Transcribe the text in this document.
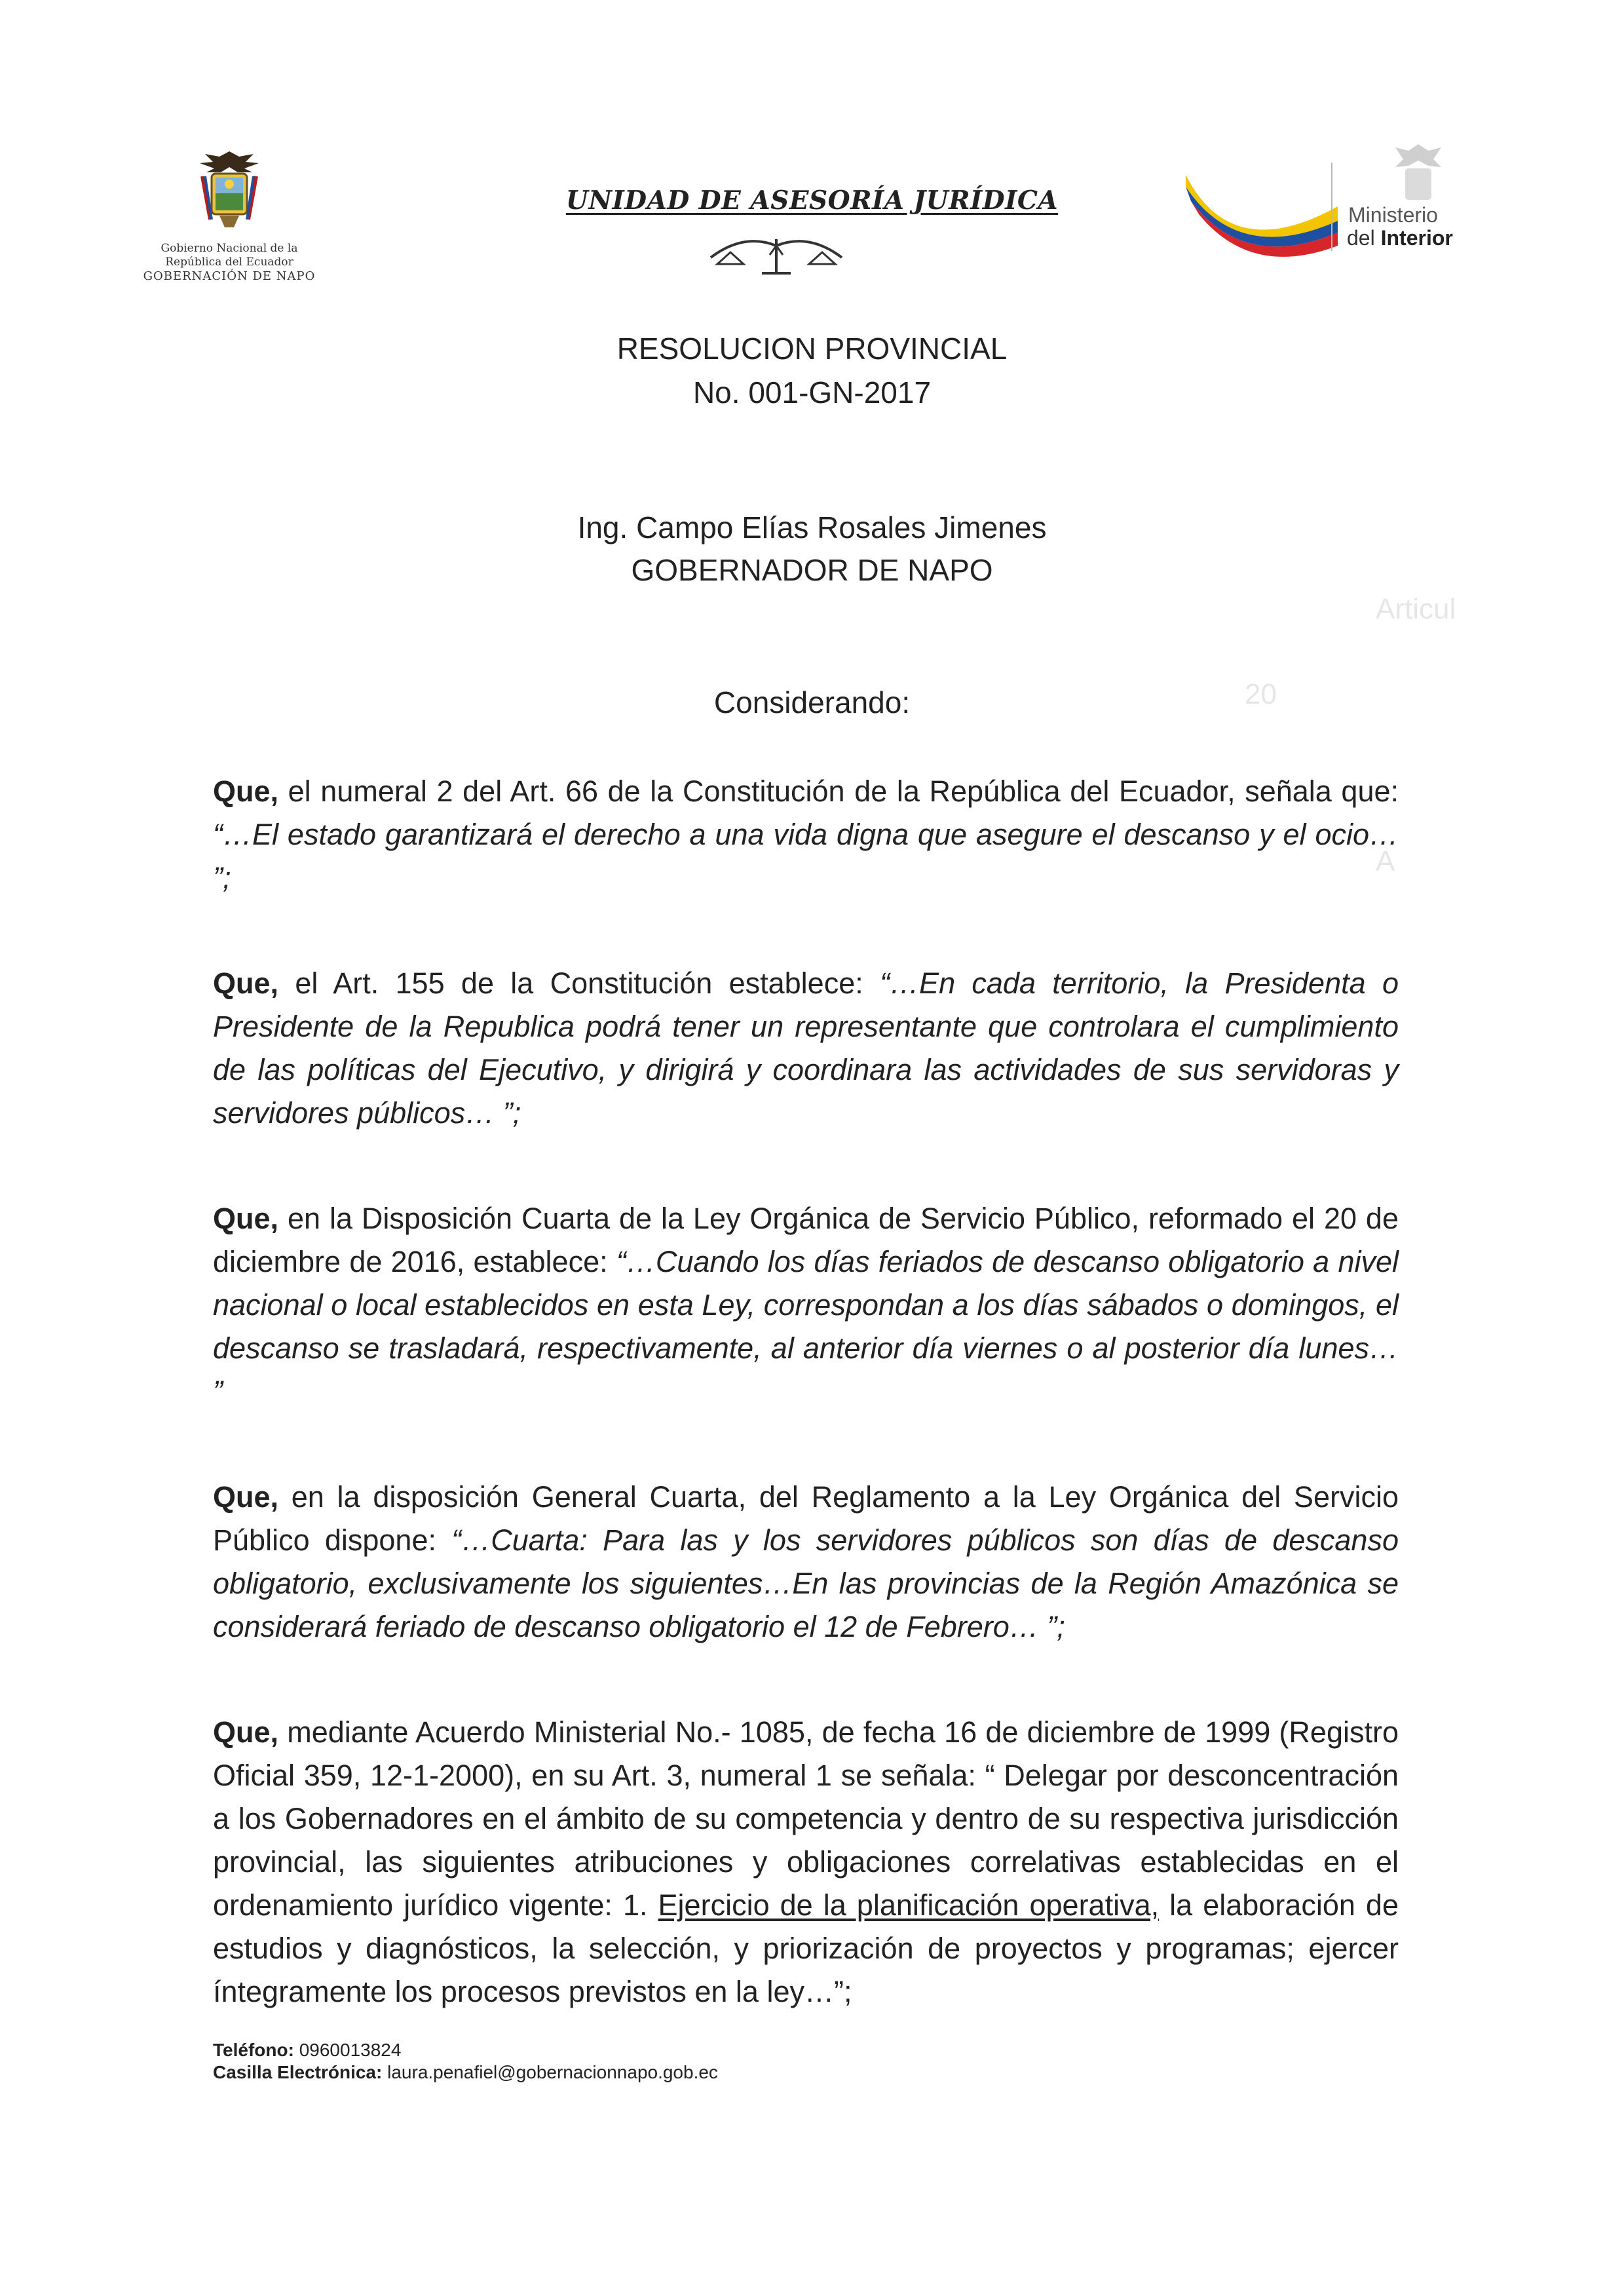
Articul
20
A
Gobierno Nacional de la
República del Ecuador
GOBERNACIÓN DE NAPO
UNIDAD DE ASESORÍA JURÍDICA	Ministerio
del Interior
RESOLUCION PROVINCIAL
No. 001-GN-2017
Ing. Campo Elías Rosales Jimenes
GOBERNADOR DE NAPO
Considerando:

Que, el numeral 2 del Art. 66 de la Constitución de la República del Ecuador, señala que: “…El estado garantizará el derecho a una vida digna que asegure el descanso y el ocio… ”;

Que, el Art. 155 de la Constitución establece: “…En cada territorio, la Presidenta o Presidente de la Republica podrá tener un representante que controlara el cumplimiento de las políticas del Ejecutivo, y dirigirá y coordinara las actividades de sus servidoras y servidores públicos… ”;

Que, en la Disposición Cuarta de la Ley Orgánica de Servicio Público, reformado el 20 de diciembre de 2016, establece: “…Cuando los días feriados de descanso obligatorio a nivel nacional o local establecidos en esta Ley, correspondan a los días sábados o domingos, el descanso se trasladará, respectivamente, al anterior día viernes o al posterior día lunes… ”

Que, en la disposición General Cuarta, del Reglamento a la Ley Orgánica del Servicio Público dispone: “…Cuarta: Para las y los servidores públicos son días de descanso obligatorio, exclusivamente los siguientes…En las provincias de la Región Amazónica se considerará feriado de descanso obligatorio el 12 de Febrero… ”;

Que, mediante Acuerdo Ministerial No.- 1085, de fecha 16 de diciembre de 1999 (Registro Oficial 359, 12-1-2000), en su Art. 3, numeral 1 se señala: “ Delegar por desconcentración a los Gobernadores en el ámbito de su competencia y dentro de su respectiva jurisdicción provincial, las siguientes atribuciones y obligaciones correlativas establecidas en el ordenamiento jurídico vigente: 1. Ejercicio de la planificación operativa, la elaboración de estudios y diagnósticos, la selección, y priorización de proyectos y programas; ejercer íntegramente los procesos previstos en la ley…”;

Teléfono: 0960013824
Casilla Electrónica: laura.penafiel@gobernacionnapo.gob.ec
